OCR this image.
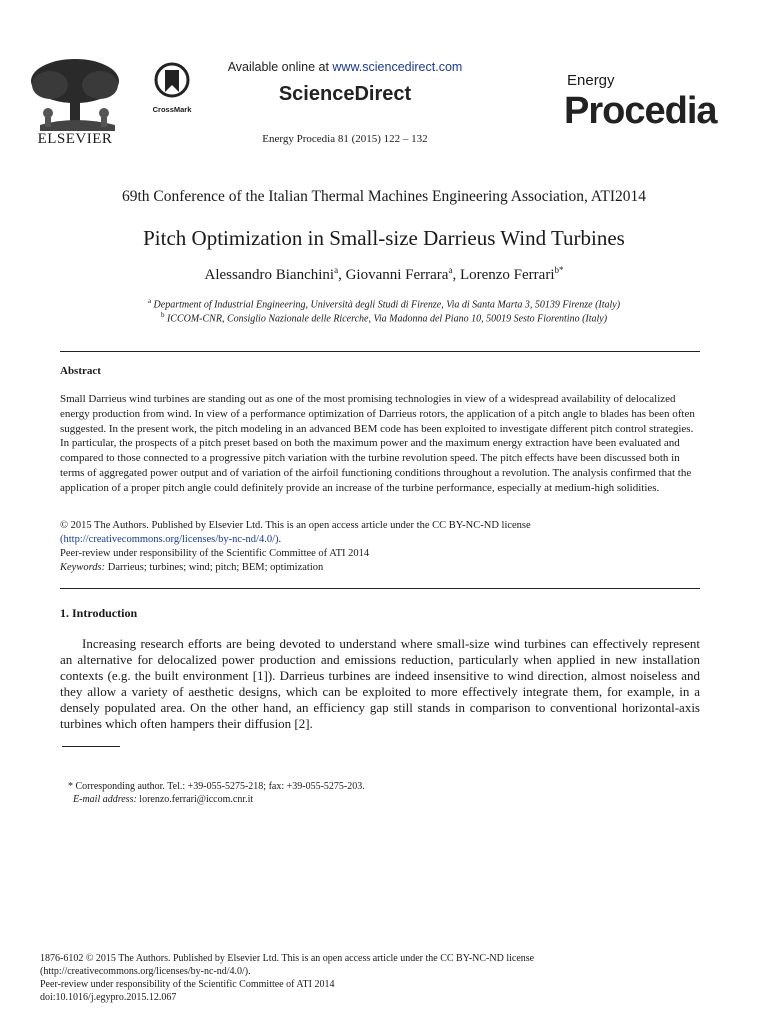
ELSEVIER
CrossMark
Available online at www.sciencedirect.com
ScienceDirect
Energy Procedia 81 (2015) 122 – 132
Energy
Procedia
69th Conference of the Italian Thermal Machines Engineering Association, ATI2014
Pitch Optimization in Small-size Darrieus Wind Turbines
Alessandro Bianchini$^a$, Giovanni Ferrara$^a$, Lorenzo Ferrari$^{b*}$
$^a$ Department of Industrial Engineering, Università degli Studi di Firenze, Via di Santa Marta 3, 50139 Firenze (Italy)
$^b$ ICCOM-CNR, Consiglio Nazionale delle Ricerche, Via Madonna del Piano 10, 50019 Sesto Fiorentino (Italy)
Abstract
Small Darrieus wind turbines are standing out as one of the most promising technologies in view of a widespread availability of delocalized energy production from wind. In view of a performance optimization of Darrieus rotors, the application of a pitch angle to blades has been often suggested. In the present work, the pitch modeling in an advanced BEM code has been exploited to investigate different pitch control strategies. In particular, the prospects of a pitch preset based on both the maximum power and the maximum energy extraction have been evaluated and compared to those connected to a progressive pitch variation with the turbine revolution speed. The pitch effects have been discussed both in terms of aggregated power output and of variation of the airfoil functioning conditions throughout a revolution. The analysis confirmed that the application of a proper pitch angle could definitely provide an increase of the turbine performance, especially at medium-high solidities.
© 2015 The Authors. Published by Elsevier Ltd. This is an open access article under the CC BY-NC-ND license
(http://creativecommons.org/licenses/by-nc-nd/4.0/).
Peer-review under responsibility of the Scientific Committee of ATI 2014
Keywords: Darrieus; turbines; wind; pitch; BEM; optimization
1. Introduction
Increasing research efforts are being devoted to understand where small-size wind turbines can effectively represent an alternative for delocalized power production and emissions reduction, particularly when applied in new installation contexts (e.g. the built environment [1]). Darrieus turbines are indeed insensitive to wind direction, almost noiseless and they allow a variety of aesthetic designs, which can be exploited to more effectively integrate them, for example, in a densely populated area. On the other hand, an efficiency gap still stands in comparison to conventional horizontal-axis turbines which often hampers their diffusion [2].
* Corresponding author. Tel.: +39-055-5275-218; fax: +39-055-5275-203.
E-mail address: lorenzo.ferrari@iccom.cnr.it
1876-6102 © 2015 The Authors. Published by Elsevier Ltd. This is an open access article under the CC BY-NC-ND license
(http://creativecommons.org/licenses/by-nc-nd/4.0/).
Peer-review under responsibility of the Scientific Committee of ATI 2014
doi:10.1016/j.egypro.2015.12.067
